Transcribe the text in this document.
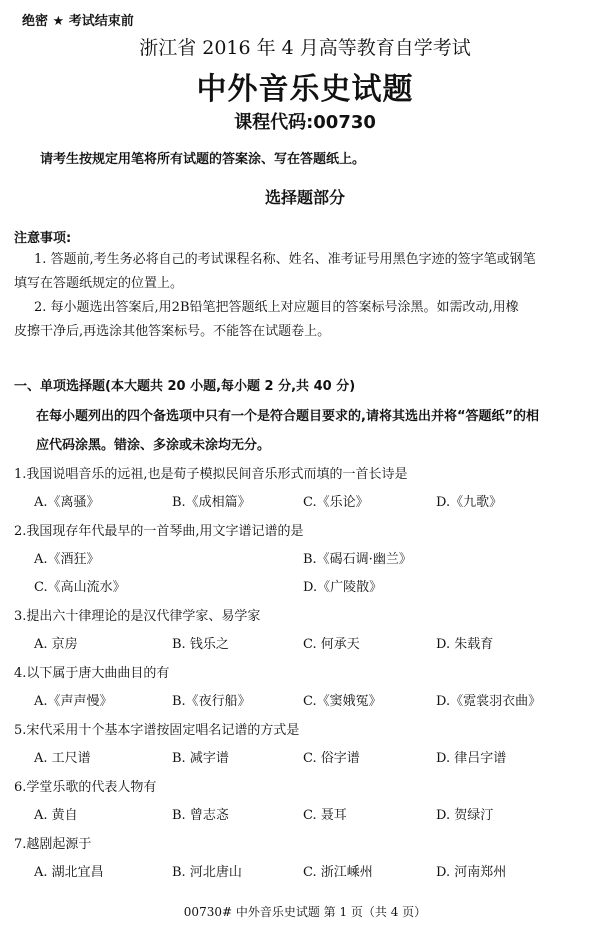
绝密 ★ 考试结束前
浙江省 2016 年 4 月高等教育自学考试
中外音乐史试题
课程代码:00730
请考生按规定用笔将所有试题的答案涂、写在答题纸上。
选择题部分
注意事项:
1. 答题前,考生务必将自己的考试课程名称、姓名、准考证号用黑色字迹的签字笔或钢笔
填写在答题纸规定的位置上。
2. 每小题选出答案后,用2B铅笔把答题纸上对应题目的答案标号涂黑。如需改动,用橡
皮擦干净后,再选涂其他答案标号。不能答在试题卷上。
一、单项选择题(本大题共 20 小题,每小题 2 分,共 40 分)
在每小题列出的四个备选项中只有一个是符合题目要求的,请将其选出并将“答题纸”的相
应代码涂黑。错涂、多涂或未涂均无分。
1.我国说唱音乐的远祖,也是荀子模拟民间音乐形式而填的一首长诗是
A.《离骚》	B.《成相篇》	C.《乐论》	D.《九歌》
2.我国现存年代最早的一首琴曲,用文字谱记谱的是
A.《酒狂》	B.《碣石调·幽兰》
C.《高山流水》	D.《广陵散》
3.提出六十律理论的是汉代律学家、易学家
A. 京房	B. 钱乐之	C. 何承天	D. 朱载育
4.以下属于唐大曲曲目的有
A.《声声慢》	B.《夜行船》	C.《窦娥冤》	D.《霓裳羽衣曲》
5.宋代采用十个基本字谱按固定唱名记谱的方式是
A. 工尺谱	B. 减字谱	C. 俗字谱	D. 律吕字谱
6.学堂乐歌的代表人物有
A. 黄自	B. 曾志忞	C. 聂耳	D. 贺绿汀
7.越剧起源于
A. 湖北宜昌	B. 河北唐山	C. 浙江嵊州	D. 河南郑州
00730# 中外音乐史试题 第 1 页（共 4 页）
